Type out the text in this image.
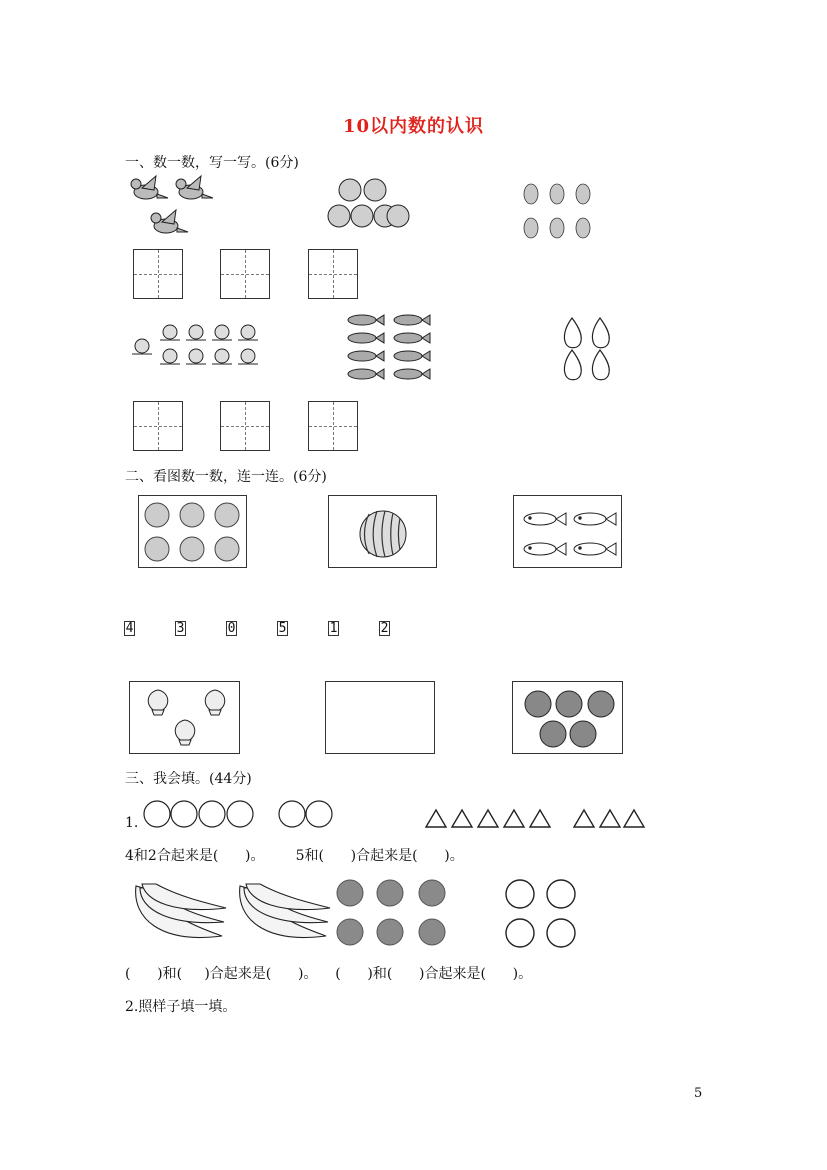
10以内数的认识
一、数一数，写一写。(6分)
二、看图数一数，连一连。(6分)
4	3	0	5	1	2
三、我会填。(44分)
1.
4和2合起来是(      )。       5和(      )合起来是(      )。
(      )和(     )合起来是(      )。    (      )和(      )合起来是(      )。
2.照样子填一填。
5
